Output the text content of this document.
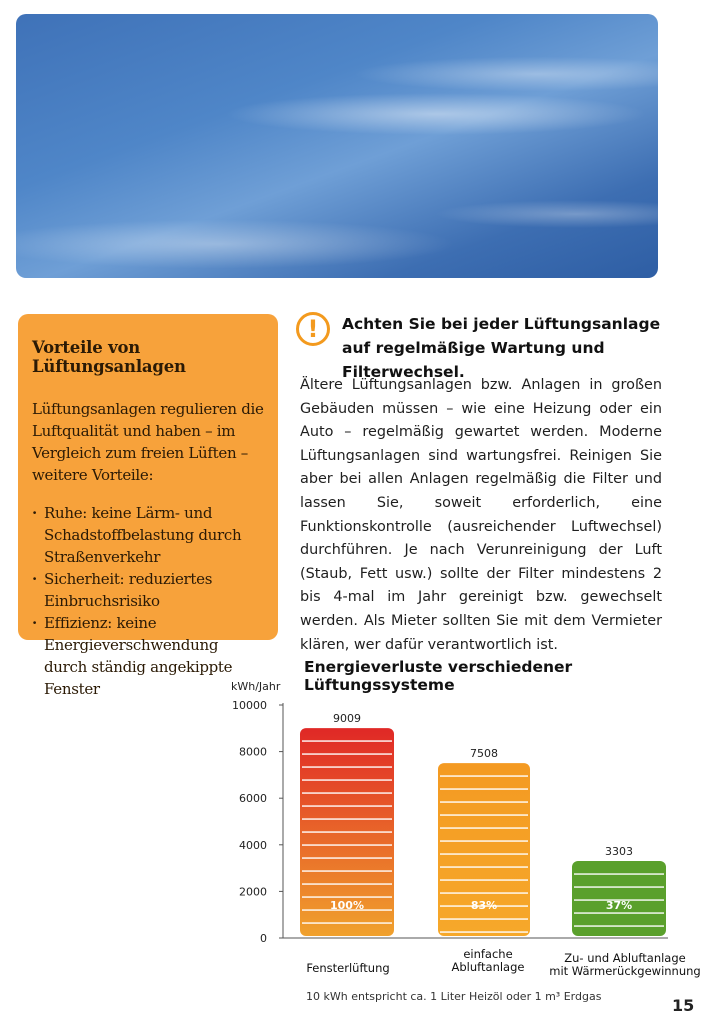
Vorteile von Lüftungsanlagen

Lüftungsanlagen regulieren die Luftqualität und haben – im Vergleich zum freien Lüften – weitere Vorteile:

· Ruhe: keine Lärm- und Schadstoffbelastung durch Straßenverkehr
· Sicherheit: reduziertes Einbruchsrisiko
· Effizienz: keine Energieverschwendung durch ständig angekippte Fenster
!	Achten Sie bei jeder Lüftungsanlage auf regelmäßige Wartung und Filterwechsel.
Ältere Lüftungsanlagen bzw. Anlagen in großen Gebäuden müssen – wie eine Heizung oder ein Auto – regelmäßig gewartet werden. Moderne Lüftungsanlagen sind wartungsfrei. Reinigen Sie aber bei allen Anlagen regelmäßig die Filter und lassen Sie, soweit erforderlich, eine Funktionskontrolle (ausreichender Luftwechsel) durchführen. Je nach Verunreinigung der Luft (Staub, Fett usw.) sollte der Filter mindestens 2 bis 4-mal im Jahr gereinigt bzw. gewechselt werden. Als Mieter sollten Sie mit dem Vermieter klären, wer dafür verantwortlich ist.
Energieverluste verschiedener Lüftungssysteme
kWh/Jahr
0
2000
4000
6000
8000
10000
9009
100%
7508
83%
3303
37%
Fensterlüftung
einfache
Abluftanlage
Zu- und Abluftanlage
mit Wärmerückgewinnung
10 kWh entspricht ca. 1 Liter Heizöl oder 1 m³ Erdgas	15
